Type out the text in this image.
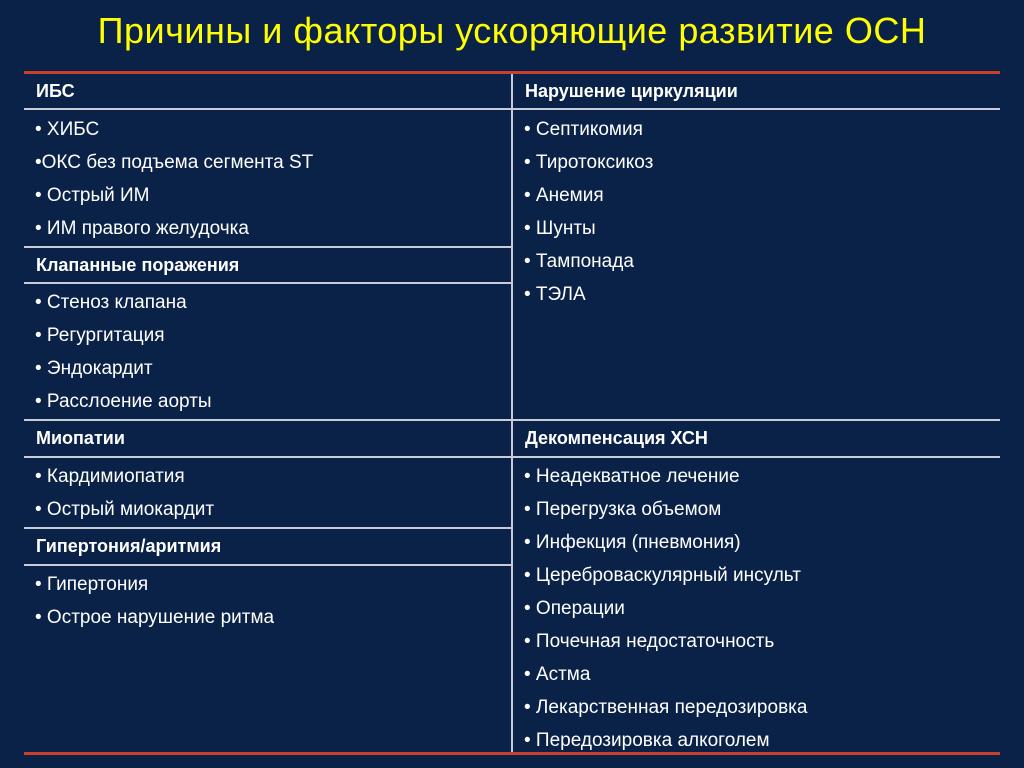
Причины и факторы ускоряющие развитие ОСН
ИБС
• ХИБС
•ОКС без подъема сегмента ST
• Острый ИМ
• ИМ правого желудочка
Клапанные поражения
• Стеноз клапана
• Регургитация
• Эндокардит
• Расслоение аорты
Миопатии
• Кардимиопатия
• Острый миокардит
Гипертония/аритмия
• Гипертония
• Острое нарушение ритма
Нарушение циркуляции
• Септикомия
• Тиротоксикоз
• Анемия
• Шунты
• Тампонада
• ТЭЛА
Декомпенсация ХСН
• Неадекватное лечение
• Перегрузка объемом
• Инфекция (пневмония)
• Цереброваскулярный инсульт
• Операции
• Почечная недостаточность
• Астма
• Лекарственная передозировка
• Передозировка алкоголем
